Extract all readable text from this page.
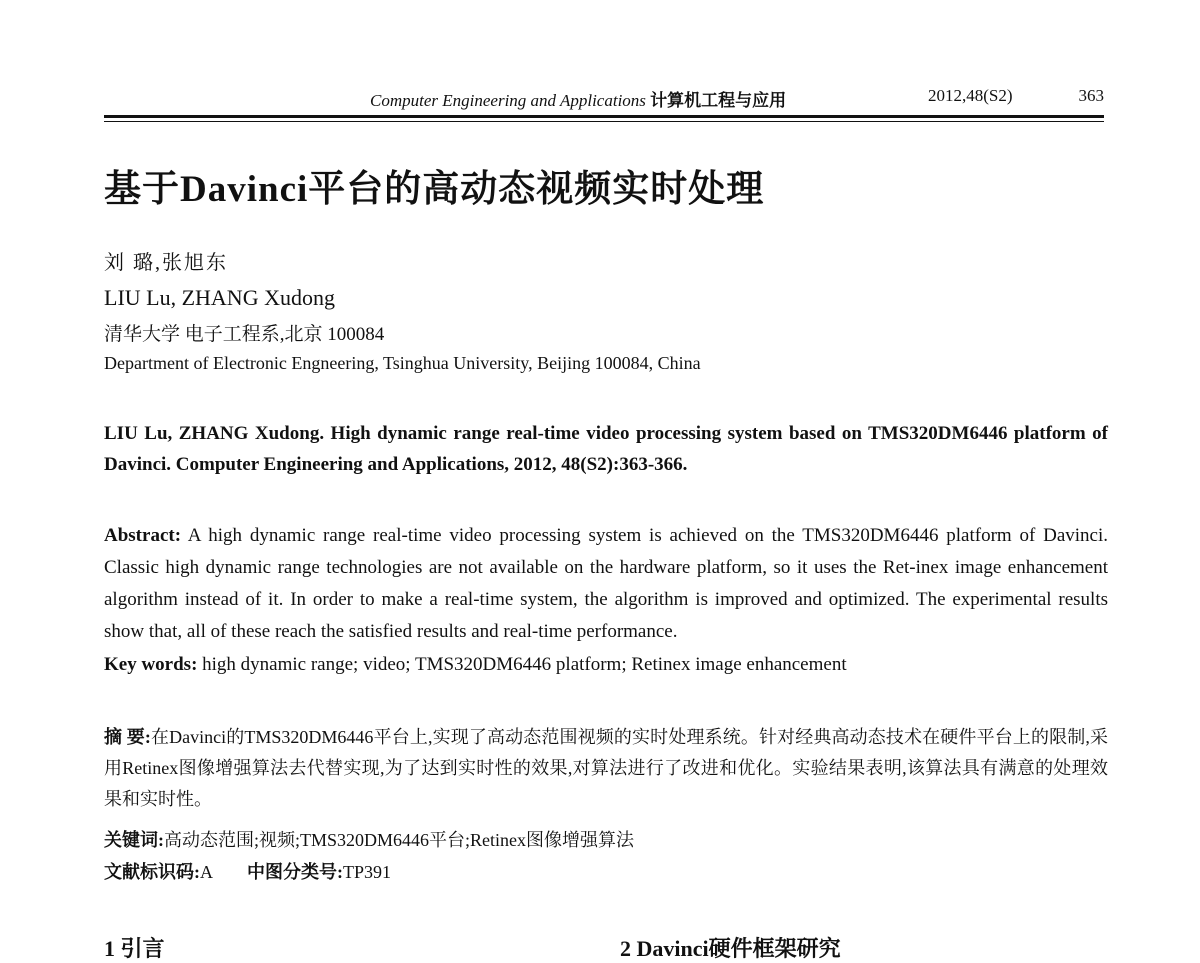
Computer Engineering and Applications 计算机工程与应用	2012,48(S2)	363
基于Davinci平台的高动态视频实时处理
刘 璐,张旭东
LIU Lu, ZHANG Xudong
清华大学 电子工程系,北京 100084
Department of Electronic Engneering, Tsinghua University, Beijing 100084, China
LIU Lu, ZHANG Xudong. High dynamic range real-time video processing system based on TMS320DM6446 platform of Davinci. Computer Engineering and Applications, 2012, 48(S2):363-366.
Abstract: A high dynamic range real-time video processing system is achieved on the TMS320DM6446 platform of Davinci. Classic high dynamic range technologies are not available on the hardware platform, so it uses the Ret-inex image enhancement algorithm instead of it. In order to make a real-time system, the algorithm is improved and optimized. The experimental results show that, all of these reach the satisfied results and real-time performance.
Key words: high dynamic range; video; TMS320DM6446 platform; Retinex image enhancement
摘 要:在Davinci的TMS320DM6446平台上,实现了高动态范围视频的实时处理系统。针对经典高动态技术在硬件平台上的限制,采用Retinex图像增强算法去代替实现,为了达到实时性的效果,对算法进行了改进和优化。实验结果表明,该算法具有满意的处理效果和实时性。
关键词:高动态范围;视频;TMS320DM6446平台;Retinex图像增强算法
文献标识码:A 中图分类号:TP391
1 引言	2 Davinci硬件框架研究
